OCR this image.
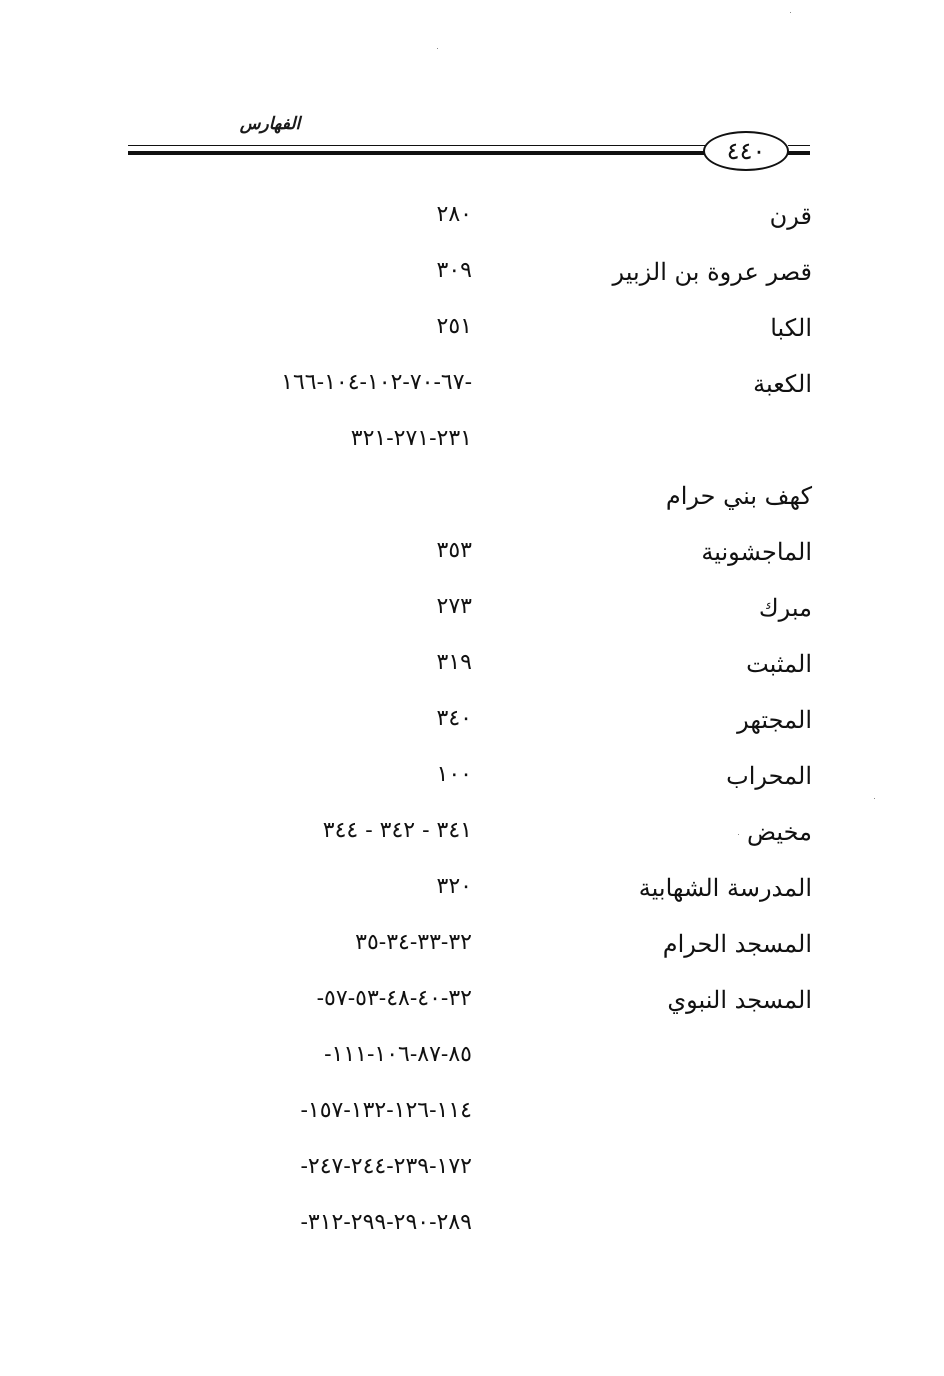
الفهارس
٤٤٠
قرن
٢٨٠
قصر عروة بن الزبير
٣٠٩
الكبا
٢٥١
الكعبة
-٦٧-٧٠-١٠٢-١٠٤-١٦٦
٢٣١-٢٧١-٣٢١
كهف بني حرام
الماجشونية
٣٥٣
مبرك
٢٧٣
المثبت
٣١٩
المجتهر
٣٤٠
المحراب
١٠٠
مخيض
٣٤١ - ٣٤٢ - ٣٤٤
المدرسة الشهابية
٣٢٠
المسجد الحرام
٣٢-٣٣-٣٤-٣٥
المسجد النبوي
٣٢-٤٠-٤٨-٥٣-٥٧-
٨٥-٨٧-١٠٦-١١١-
١١٤-١٢٦-١٣٢-١٥٧-
١٧٢-٢٣٩-٢٤٤-٢٤٧-
٢٨٩-٢٩٠-٢٩٩-٣١٢-
